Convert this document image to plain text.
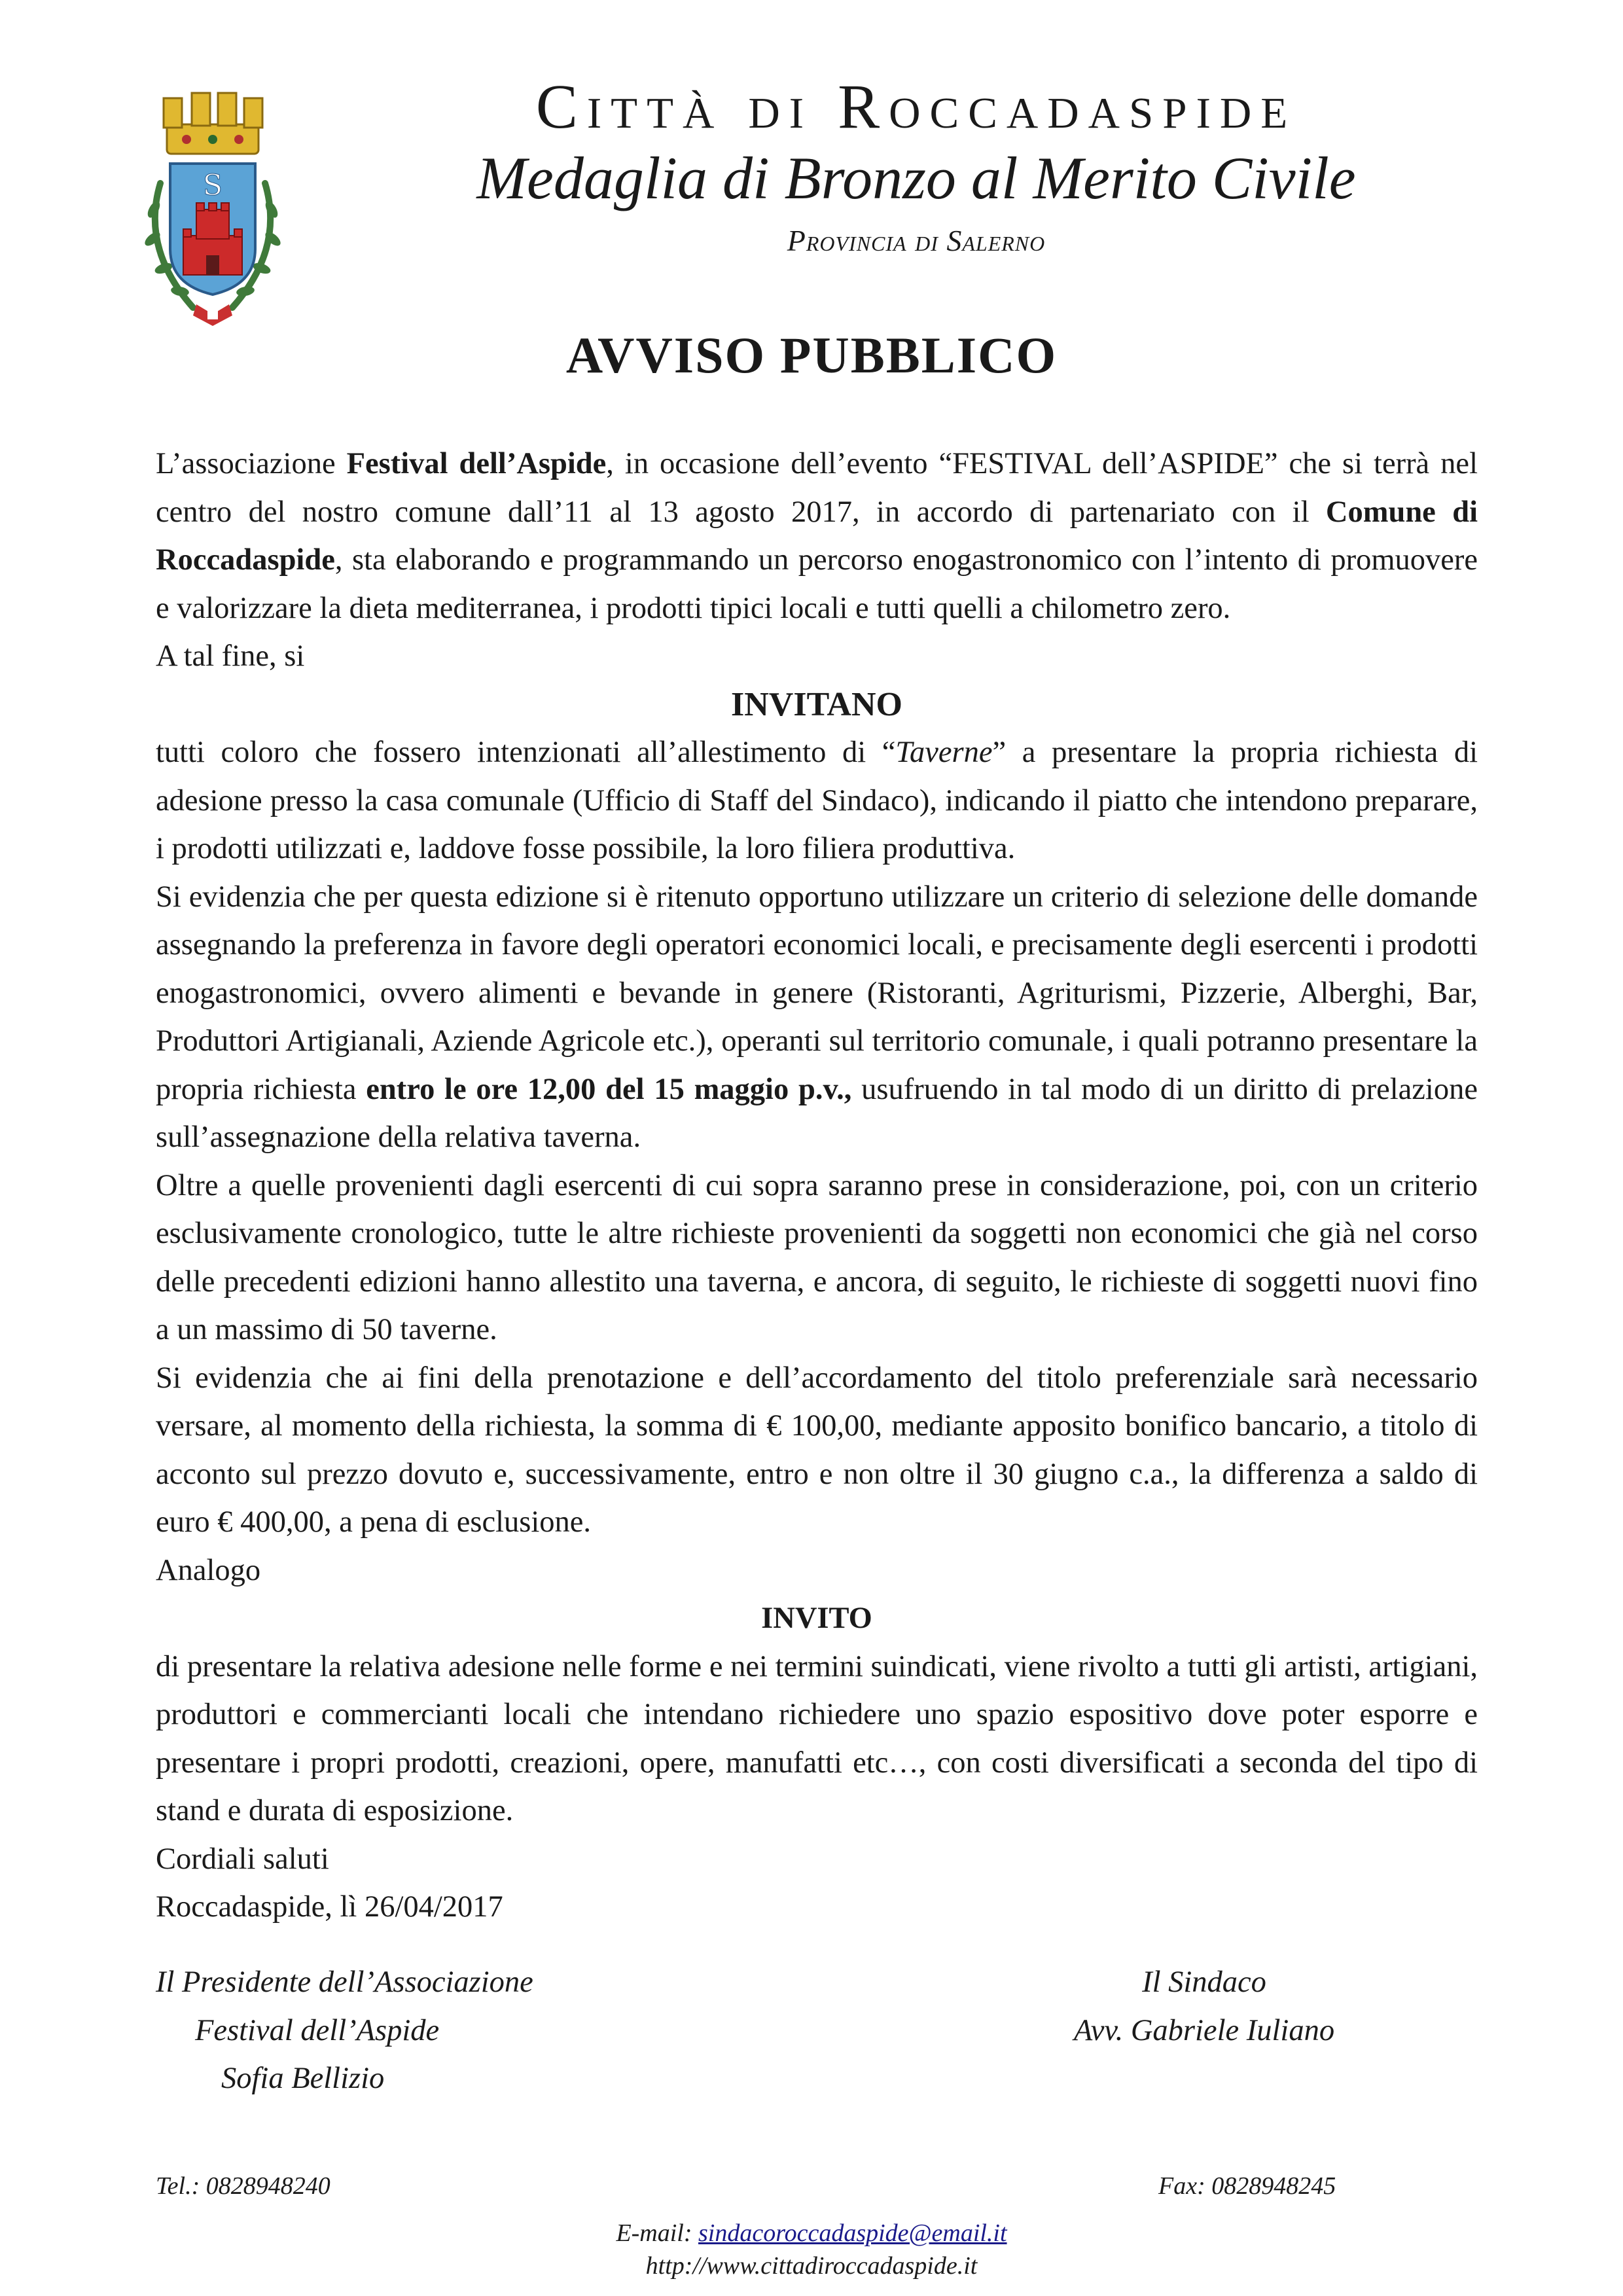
S
Città di Roccadaspide
Medaglia di Bronzo al Merito Civile
Provincia di Salerno
AVVISO PUBBLICO

L’associazione Festival dell’Aspide, in occasione dell’evento “FESTIVAL dell’ASPIDE” che si terrà nel centro del nostro comune dall’11 al 13 agosto 2017, in accordo di partenariato con il Comune di Roccadaspide, sta elaborando e programmando un percorso enogastronomico con l’intento di promuovere e valorizzare la dieta mediterranea, i prodotti tipici locali e tutti quelli a chilometro zero.

A tal fine, si

INVITANO

tutti coloro che fossero intenzionati all’allestimento di “Taverne” a presentare la propria richiesta di adesione presso la casa comunale (Ufficio di Staff del Sindaco), indicando il piatto che intendono preparare, i prodotti utilizzati e, laddove fosse possibile, la loro filiera produttiva.

Si evidenzia che per questa edizione si è ritenuto opportuno utilizzare un criterio di selezione delle domande assegnando la preferenza in favore degli operatori economici locali, e precisamente degli esercenti i prodotti enogastronomici, ovvero alimenti e bevande in genere (Ristoranti, Agriturismi, Pizzerie, Alberghi, Bar, Produttori Artigianali, Aziende Agricole etc.), operanti sul territorio comunale, i quali potranno presentare la propria richiesta entro le ore 12,00 del 15 maggio p.v., usufruendo in tal modo di un diritto di prelazione sull’assegnazione della relativa taverna.

Oltre a quelle provenienti dagli esercenti di cui sopra saranno prese in considerazione, poi, con un criterio esclusivamente cronologico, tutte le altre richieste provenienti da soggetti non economici che già nel corso delle precedenti edizioni hanno allestito una taverna, e ancora, di seguito, le richieste di soggetti nuovi fino a un massimo di 50 taverne.

Si evidenzia che ai fini della prenotazione e dell’accordamento del titolo preferenziale sarà necessario versare, al momento della richiesta, la somma di € 100,00, mediante apposito bonifico bancario, a titolo di acconto sul prezzo dovuto e, successivamente, entro e non oltre il 30 giugno c.a., la differenza a saldo di euro € 400,00, a pena di esclusione.

Analogo

INVITO

di presentare la relativa adesione nelle forme e nei termini suindicati, viene rivolto a tutti gli artisti, artigiani, produttori e commercianti locali che intendano richiedere uno spazio espositivo dove poter esporre e presentare i propri prodotti, creazioni, opere, manufatti etc…, con costi diversificati a seconda del tipo di stand e durata di esposizione.

Cordiali saluti

Roccadaspide, lì 26/04/2017

Il Presidente dell’Associazione
Festival dell’Aspide
Sofia Bellizio
Il Sindaco
Avv. Gabriele Iuliano
Tel.: 0828948240	Fax: 0828948245
E-mail: sindacoroccadaspide@email.it
http://www.cittadiroccadaspide.it
